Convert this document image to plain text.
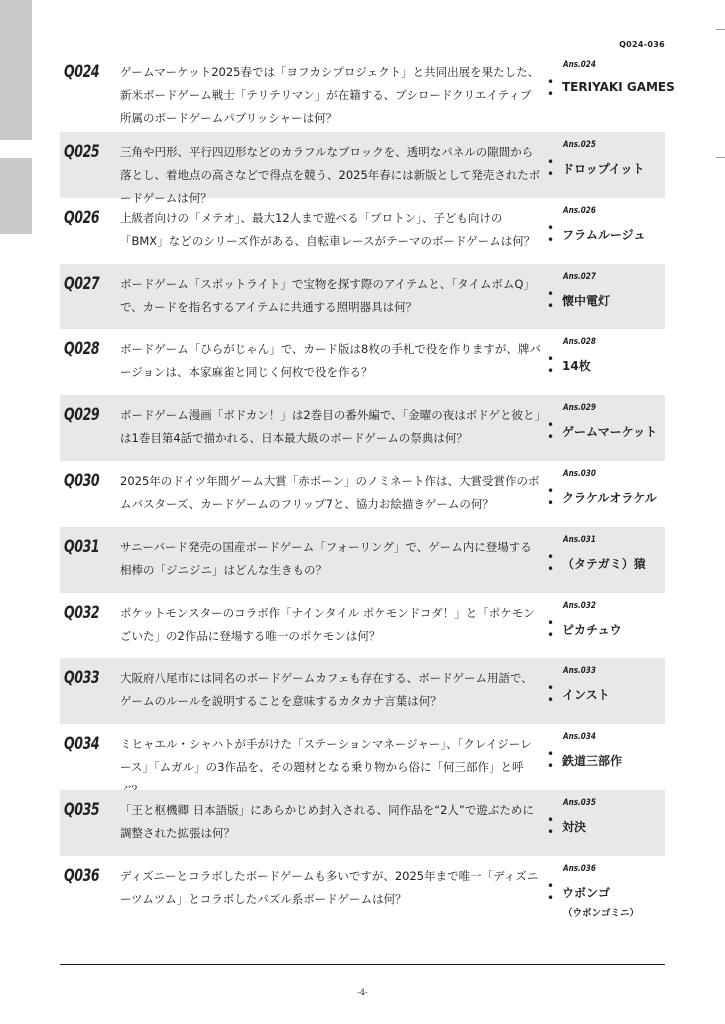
Q024-036
Q024 ゲームマーケット2025春では「ヨフカシプロジェクト」と共同出展を果たした、新米ボードゲーム戦士「テリテリマン」が在籍する、ブシロードクリエイティブ所属のボードゲームパブリッシャーは何？

•
•
Ans.024
TERIYAKI GAMES
Q025 三角や円形、平行四辺形などのカラフルなブロックを、透明なパネルの隙間から落とし、着地点の高さなどで得点を競う、2025年春には新版として発売されたボードゲームは何？

•
•
Ans.025
ドロップイット
Q026 上級者向けの「メテオ」、最大12人まで遊べる「プロトン」、子ども向けの「BMX」などのシリーズ作がある、自転車レースがテーマのボードゲームは何？

•
•
Ans.026
フラムルージュ
Q027 ボードゲーム「スポットライト」で宝物を探す際のアイテムと、「タイムボムQ」で、カードを指名するアイテムに共通する照明器具は何？

•
•
Ans.027
懐中電灯
Q028 ボードゲーム「ひらがじゃん」で、カード版は8枚の手札で役を作りますが、牌バージョンは、本家麻雀と同じく何枚で役を作る？

•
•
Ans.028
14枚
Q029 ボードゲーム漫画「ボドカン！」は2巻目の番外編で、「金曜の夜はボドゲと彼と」は1巻目第4話で描かれる、日本最大級のボードゲームの祭典は何？

•
•
Ans.029
ゲームマーケット
Q030 2025年のドイツ年間ゲーム大賞「赤ポーン」のノミネート作は、大賞受賞作のボムバスターズ、カードゲームのフリップ7と、協力お絵描きゲームの何？

•
•
Ans.030
クラケルオラケル
Q031 サニーバード発売の国産ボードゲーム「フォーリング」で、ゲーム内に登場する相棒の「ジニジニ」はどんな生きもの？

•
•
Ans.031
（タテガミ）猿
Q032 ポケットモンスターのコラボ作「ナインタイル ポケモンドコダ！」と「ポケモンごいた」の2作品に登場する唯一のポケモンは何？

•
•
Ans.032
ピカチュウ
Q033 大阪府八尾市には同名のボードゲームカフェも存在する、ボードゲーム用語で、ゲームのルールを説明することを意味するカタカナ言葉は何？

•
•
Ans.033
インスト
Q034 ミヒャエル・シャハトが手がけた「ステーションマネージャー」、「クレイジーレース」「ムガル」の3作品を、その題材となる乗り物から俗に「何三部作」と呼

•
•
Ans.034
鉄道三部作
Q035 「王と枢機卿 日本語版」にあらかじめ封入される、同作品を“2人”で遊ぶために調整された拡張は何？

•
•
Ans.035
対決
Q036 ディズニーとコラボしたボードゲームも多いですが、2025年まで唯一「ディズニーツムツム」とコラボしたパズル系ボードゲームは何？

•
•
Ans.036
ウボンゴ
（ウボンゴミニ）
-4-
